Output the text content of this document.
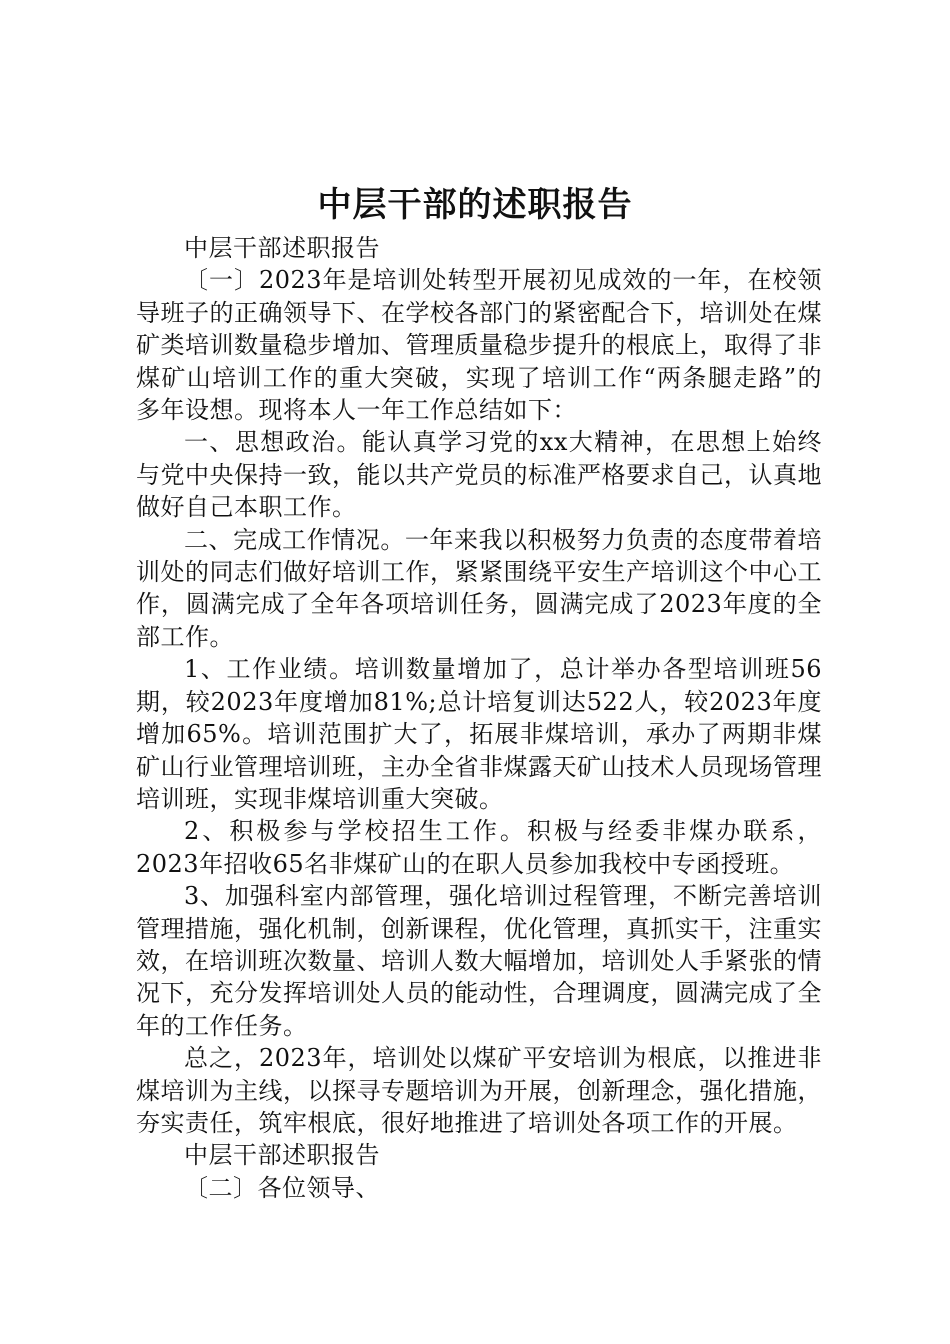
中层干部的述职报告

中层干部述职报告

〔一〕2023年是培训处转型开展初见成效的一年，在校领导班子的正确领导下、在学校各部门的紧密配合下，培训处在煤矿类培训数量稳步增加、管理质量稳步提升的根底上，取得了非煤矿山培训工作的重大突破，实现了培训工作“两条腿走路”的多年设想。现将本人一年工作总结如下：

一、思想政治。能认真学习党的xx大精神，在思想上始终与党中央保持一致，能以共产党员的标准严格要求自己，认真地做好自己本职工作。

二、完成工作情况。一年来我以积极努力负责的态度带着培训处的同志们做好培训工作，紧紧围绕平安生产培训这个中心工作，圆满完成了全年各项培训任务，圆满完成了2023年度的全部工作。

1、工作业绩。培训数量增加了，总计举办各型培训班56期，较2023年度增加81%;总计培复训达522人，较2023年度增加65%。培训范围扩大了，拓展非煤培训，承办了两期非煤矿山行业管理培训班，主办全省非煤露天矿山技术人员现场管理培训班，实现非煤培训重大突破。

2、积极参与学校招生工作。积极与经委非煤办联系，2023年招收65名非煤矿山的在职人员参加我校中专函授班。

3、加强科室内部管理，强化培训过程管理，不断完善培训管理措施，强化机制，创新课程，优化管理，真抓实干，注重实效，在培训班次数量、培训人数大幅增加，培训处人手紧张的情况下，充分发挥培训处人员的能动性，合理调度，圆满完成了全年的工作任务。

总之，2023年，培训处以煤矿平安培训为根底，以推进非煤培训为主线，以探寻专题培训为开展，创新理念，强化措施，夯实责任，筑牢根底，很好地推进了培训处各项工作的开展。

中层干部述职报告

〔二〕各位领导、
